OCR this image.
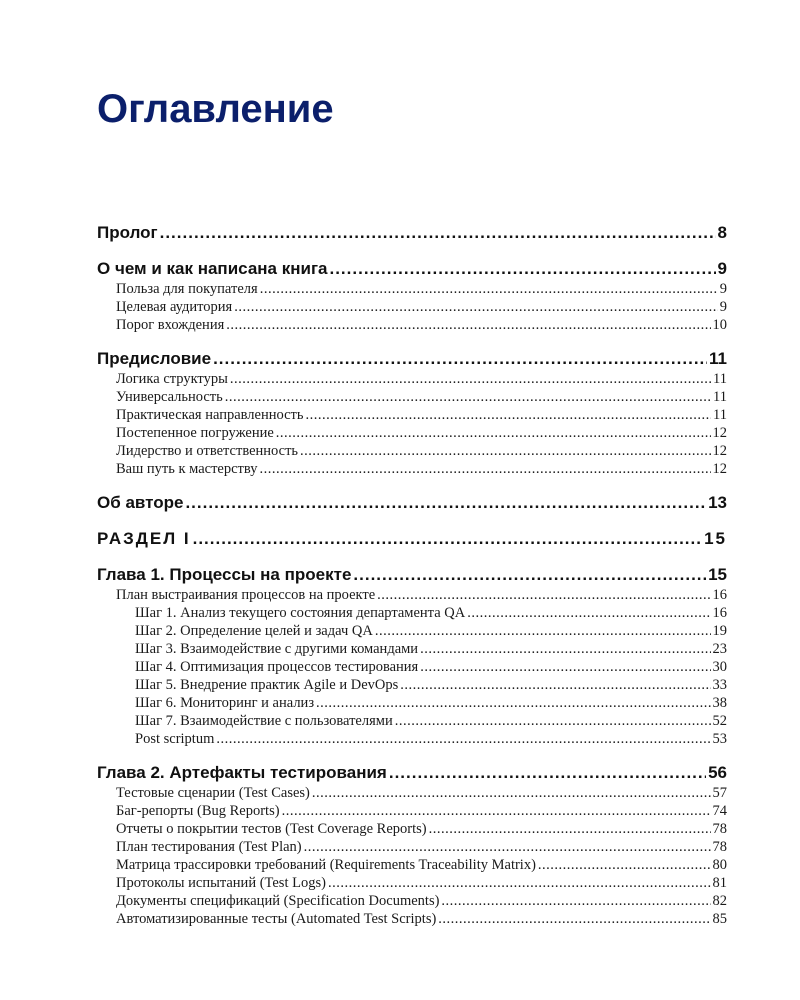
Оглавление
Пролог .....	8
О чем и как написана книга .....	9
Польза для покупателя .....	9
Целевая аудитория .....	9
Порог вхождения .....	10
Предисловие .....	11
Логика структуры .....	11
Универсальность .....	11
Практическая направленность .....	11
Постепенное погружение .....	12
Лидерство и ответственность .....	12
Ваш путь к мастерству .....	12
Об авторе .....	13
РАЗДЕЛ I .....	15
Глава 1. Процессы на проекте .....	15
План выстраивания процессов на проекте .....	16
Шаг 1. Анализ текущего состояния департамента QA .....	16
Шаг 2. Определение целей и задач QA .....	19
Шаг 3. Взаимодействие с другими командами .....	23
Шаг 4. Оптимизация процессов тестирования .....	30
Шаг 5. Внедрение практик Agile и DevOps .....	33
Шаг 6. Мониторинг и анализ .....	38
Шаг 7. Взаимодействие с пользователями .....	52
Post scriptum .....	53
Глава 2. Артефакты тестирования .....	56
Тестовые сценарии (Test Cases) .....	57
Баг-репорты (Bug Reports) .....	74
Отчеты о покрытии тестов (Test Coverage Reports) .....	78
План тестирования (Test Plan) .....	78
Матрица трассировки требований (Requirements Traceability Matrix) .....	80
Протоколы испытаний (Test Logs) .....	81
Документы спецификаций (Specification Documents) .....	82
Автоматизированные тесты (Automated Test Scripts) .....	85
